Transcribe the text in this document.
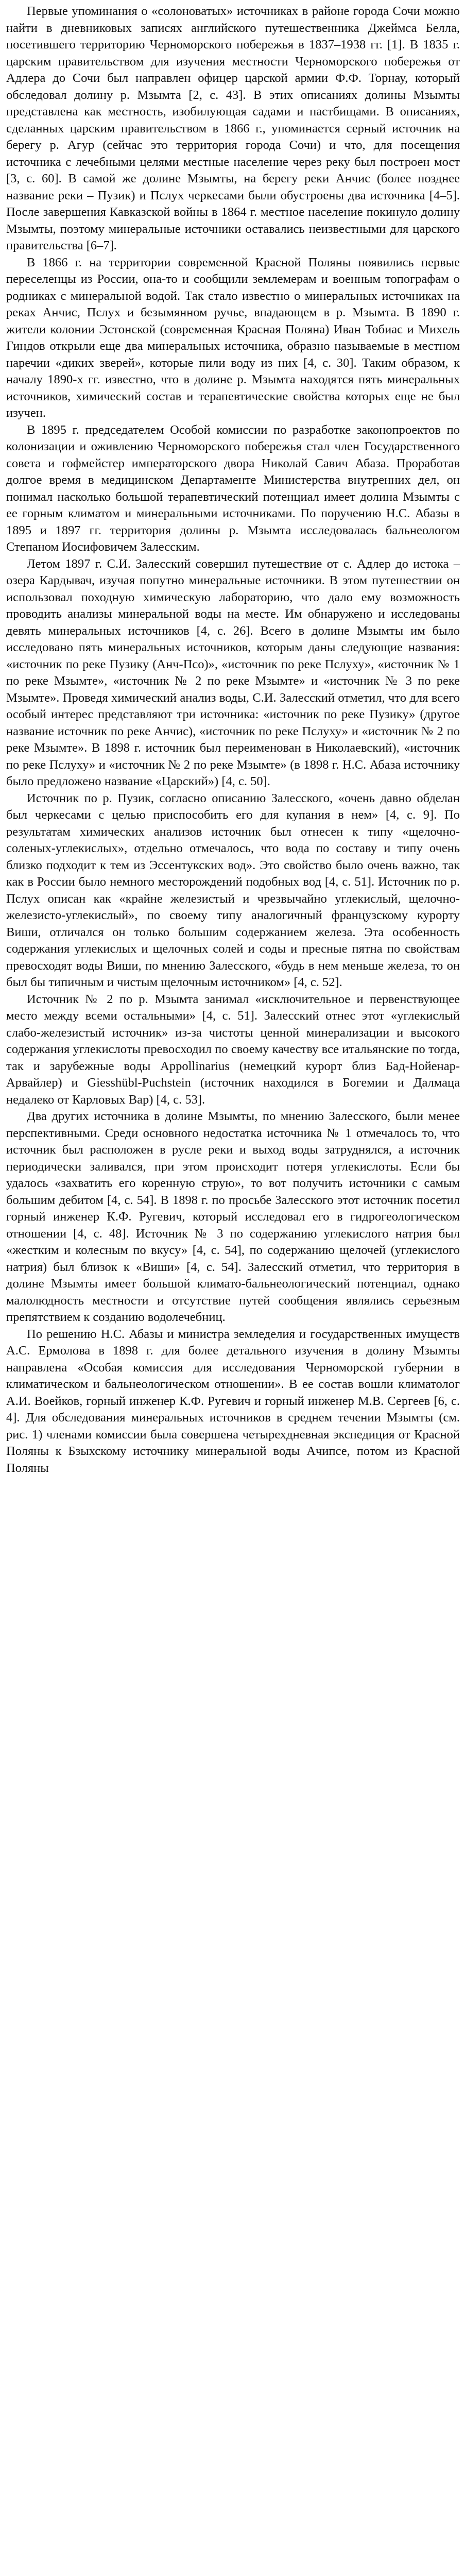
Первые упоминания о «солоноватых» источниках в районе города Сочи можно найти в дневниковых записях английского путешественника Джеймса Белла, посетившего территорию Черноморского побережья в 1837–1938 гг. [1]. В 1835 г. царским правительством для изучения местности Черноморского побережья от Адлера до Сочи был направлен офицер царской армии Ф.Ф. Торнау, который обследовал долину р. Мзымта [2, с. 43]. В этих описаниях долины Мзымты представлена как местность, изобилующая садами и пастбищами. В описаниях, сделанных царским правительством в 1866 г., упоминается серный источник на берегу р. Агур (сейчас это территория города Сочи) и что, для посещения источника с лечебными целями местные население через реку был построен мост [3, с. 60]. В самой же долине Мзымты, на берегу реки Анчис (более позднее название реки – Пузик) и Пслух черкесами были обустроены два источника [4–5]. После завершения Кавказской войны в 1864 г. местное население покинуло долину Мзымты, поэтому минеральные источники оставались неизвестными для царского правительства [6–7].

В 1866 г. на территории современной Красной Поляны появились первые переселенцы из России, она-то и сообщили землемерам и военным топографам о родниках с минеральной водой. Так стало известно о минеральных источниках на реках Анчис, Пслух и безымянном ручье, впадающем в р. Мзымта. В 1890 г. жители колонии Эстонской (современная Красная Поляна) Иван Тобиас и Михель Гиндов открыли еще два минеральных источника, образно называемые в местном наречии «диких зверей», которые пили воду из них [4, с. 30]. Таким образом, к началу 1890-х гг. известно, что в долине р. Мзымта находятся пять минеральных источников, химический состав и терапевтические свойства которых еще не был изучен.

В 1895 г. председателем Особой комиссии по разработке законопроектов по колонизации и оживлению Черноморского побережья стал член Государственного совета и гофмейстер императорского двора Николай Савич Абаза. Проработав долгое время в медицинском Департаменте Министерства внутренних дел, он понимал насколько большой терапевтический потенциал имеет долина Мзымты с ее горным климатом и минеральными источниками. По поручению Н.С. Абазы в 1895 и 1897 гг. территория долины р. Мзымта исследовалась бальнеологом Степаном Иосифовичем Залесским.

Летом 1897 г. С.И. Залесский совершил путешествие от с. Адлер до истока – озера Кардывач, изучая попутно минеральные источники. В этом путешествии он использовал походную химическую лабораторию, что дало ему возможность проводить анализы минеральной воды на месте. Им обнаружено и исследованы девять минеральных источников [4, с. 26]. Всего в долине Мзымты им было исследовано пять минеральных источников, которым даны следующие названия: «источник по реке Пузику (Анч-Псо)», «источник по реке Пслуху», «источник № 1 по реке Мзымте», «источник № 2 по реке Мзымте» и «источник № 3 по реке Мзымте». Проведя химический анализ воды, С.И. Залесский отметил, что для всего особый интерес представляют три источника: «источник по реке Пузику» (другое название источник по реке Анчис), «источник по реке Пслуху» и «источник № 2 по реке Мзымте». В 1898 г. источник был переименован в Николаевский), «источник по реке Пслуху» и «источник № 2 по реке Мзымте» (в 1898 г. Н.С. Абаза источнику было предложено название «Царский») [4, с. 50].

Источник по р. Пузик, согласно описанию Залесского, «очень давно обделан был черкесами с целью приспособить его для купания в нем» [4, с. 9]. По результатам химических анализов источник был отнесен к типу «щелочно-соленых-углекислых», отдельно отмечалось, что вода по составу и типу очень близко подходит к тем из Эссентукских вод». Это свойство было очень важно, так как в России было немного месторождений подобных вод [4, с. 51]. Источник по р. Пслух описан как «крайне железистый и чрезвычайно углекислый, щелочно-железисто-углекислый», по своему типу аналогичный французскому курорту Виши, отличался он только большим содержанием железа. Эта особенность содержания углекислых и щелочных солей и соды и пресные пятна по свойствам превосходят воды Виши, по мнению Залесского, «будь в нем меньше железа, то он был бы типичным и чистым щелочным источником» [4, с. 52].

Источник № 2 по р. Мзымта занимал «исключительное и первенствующее место между всеми остальными» [4, с. 51]. Залесский отнес этот «углекислый слабо-железистый источник» из-за чистоты ценной минерализации и высокого содержания углекислоты превосходил по своему качеству все итальянские по тогда, так и зарубежные воды Appollinarius (немецкий курорт близ Бад-Нойенар-Арвайлер) и Giesshübl-Puchstein (источник находился в Богемии и Далмаца недалеко от Карловых Вар) [4, с. 53].

Два других источника в долине Мзымты, по мнению Залесского, были менее перспективными. Среди основного недостатка источника № 1 отмечалось то, что источник был расположен в русле реки и выход воды затруднялся, а источник периодически заливался, при этом происходит потеря углекислоты. Если бы удалось «захватить его коренную струю», то вот получить источники с самым большим дебитом [4, с. 54]. В 1898 г. по просьбе Залесского этот источник посетил горный инженер К.Ф. Ругевич, который исследовал его в гидрогеологическом отношении [4, с. 48]. Источник № 3 по содержанию углекислого натрия был «жестким и колесным по вкусу» [4, с. 54], по содержанию щелочей (углекислого натрия) был близок к «Виши» [4, с. 54]. Залесский отметил, что территория в долине Мзымты имеет большой климато-бальнеологический потенциал, однако малолюдность местности и отсутствие путей сообщения являлись серьезным препятствием к созданию водолечебниц.

По решению Н.С. Абазы и министра земледелия и государственных имуществ А.С. Ермолова в 1898 г. для более детального изучения в долину Мзымты направлена «Особая комиссия для исследования Черноморской губернии в климатическом и бальнеологическом отношении». В ее состав вошли климатолог А.И. Воейков, горный инженер К.Ф. Ругевич и горный инженер М.В. Сергеев [6, с. 4]. Для обследования минеральных источников в среднем течении Мзымты (см. рис. 1) членами комиссии была совершена четырехдневная экспедиция от Красной Поляны к Бзыхскому источнику минеральной воды Ачипсе, потом из Красной Поляны
